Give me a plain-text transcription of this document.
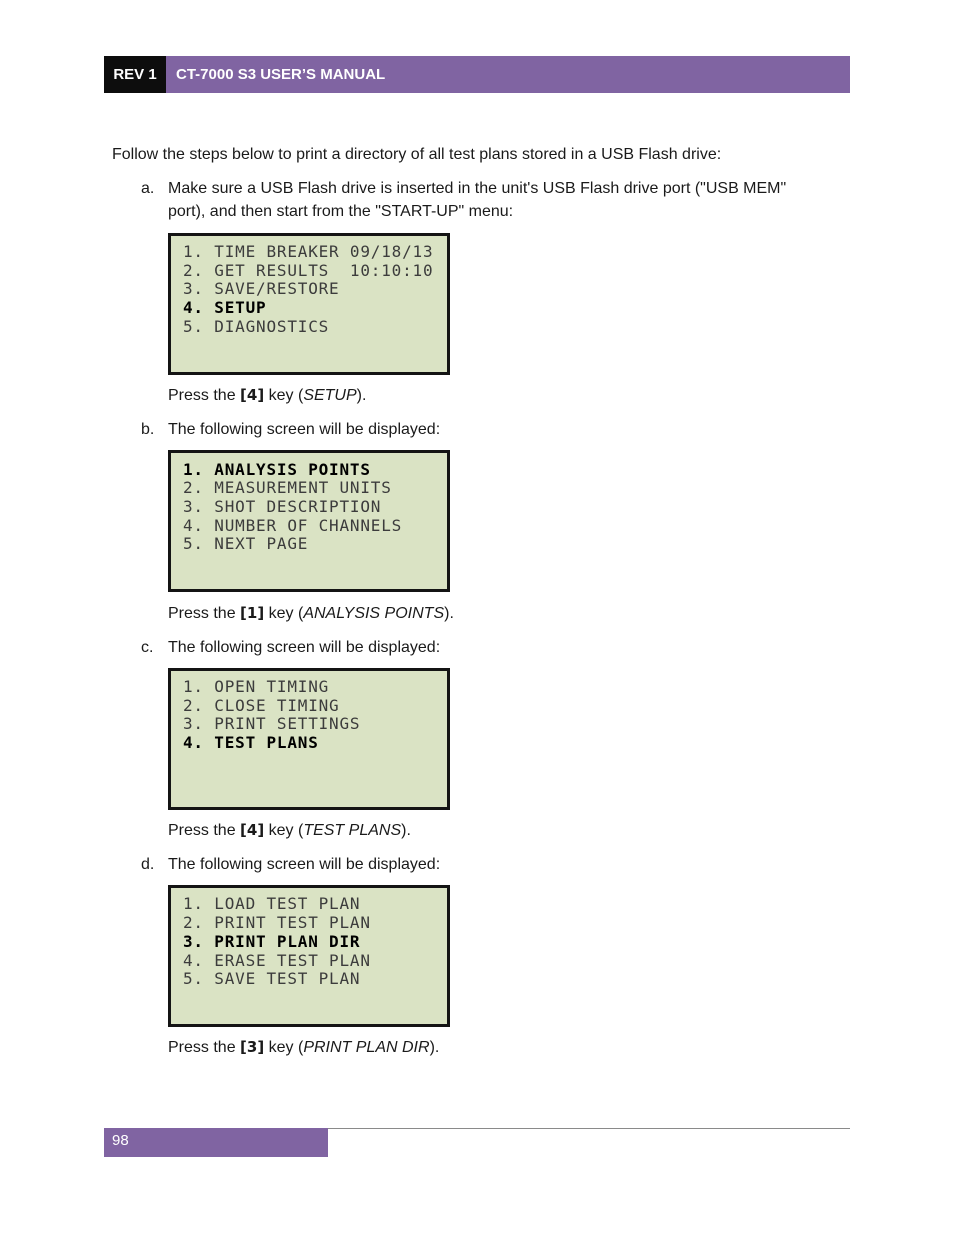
REV 1	CT-7000 S3 USER’S MANUAL
Follow the steps below to print a directory of all test plans stored in a USB Flash drive:
a. Make sure a USB Flash drive is inserted in the unit's USB Flash drive port ("USB MEM"
port), and then start from the "START-UP" menu:
1. TIME BREAKER 09/18/13
2. GET RESULTS  10:10:10
3. SAVE/RESTORE
4. SETUP
5. DIAGNOSTICS
Press the [4] key (SETUP).
b. The following screen will be displayed:
1. ANALYSIS POINTS
2. MEASUREMENT UNITS
3. SHOT DESCRIPTION
4. NUMBER OF CHANNELS
5. NEXT PAGE
Press the [1] key (ANALYSIS POINTS).
c. The following screen will be displayed:
1. OPEN TIMING
2. CLOSE TIMING
3. PRINT SETTINGS
4. TEST PLANS
Press the [4] key (TEST PLANS).
d. The following screen will be displayed:
1. LOAD TEST PLAN
2. PRINT TEST PLAN
3. PRINT PLAN DIR
4. ERASE TEST PLAN
5. SAVE TEST PLAN
Press the [3] key (PRINT PLAN DIR).
98
